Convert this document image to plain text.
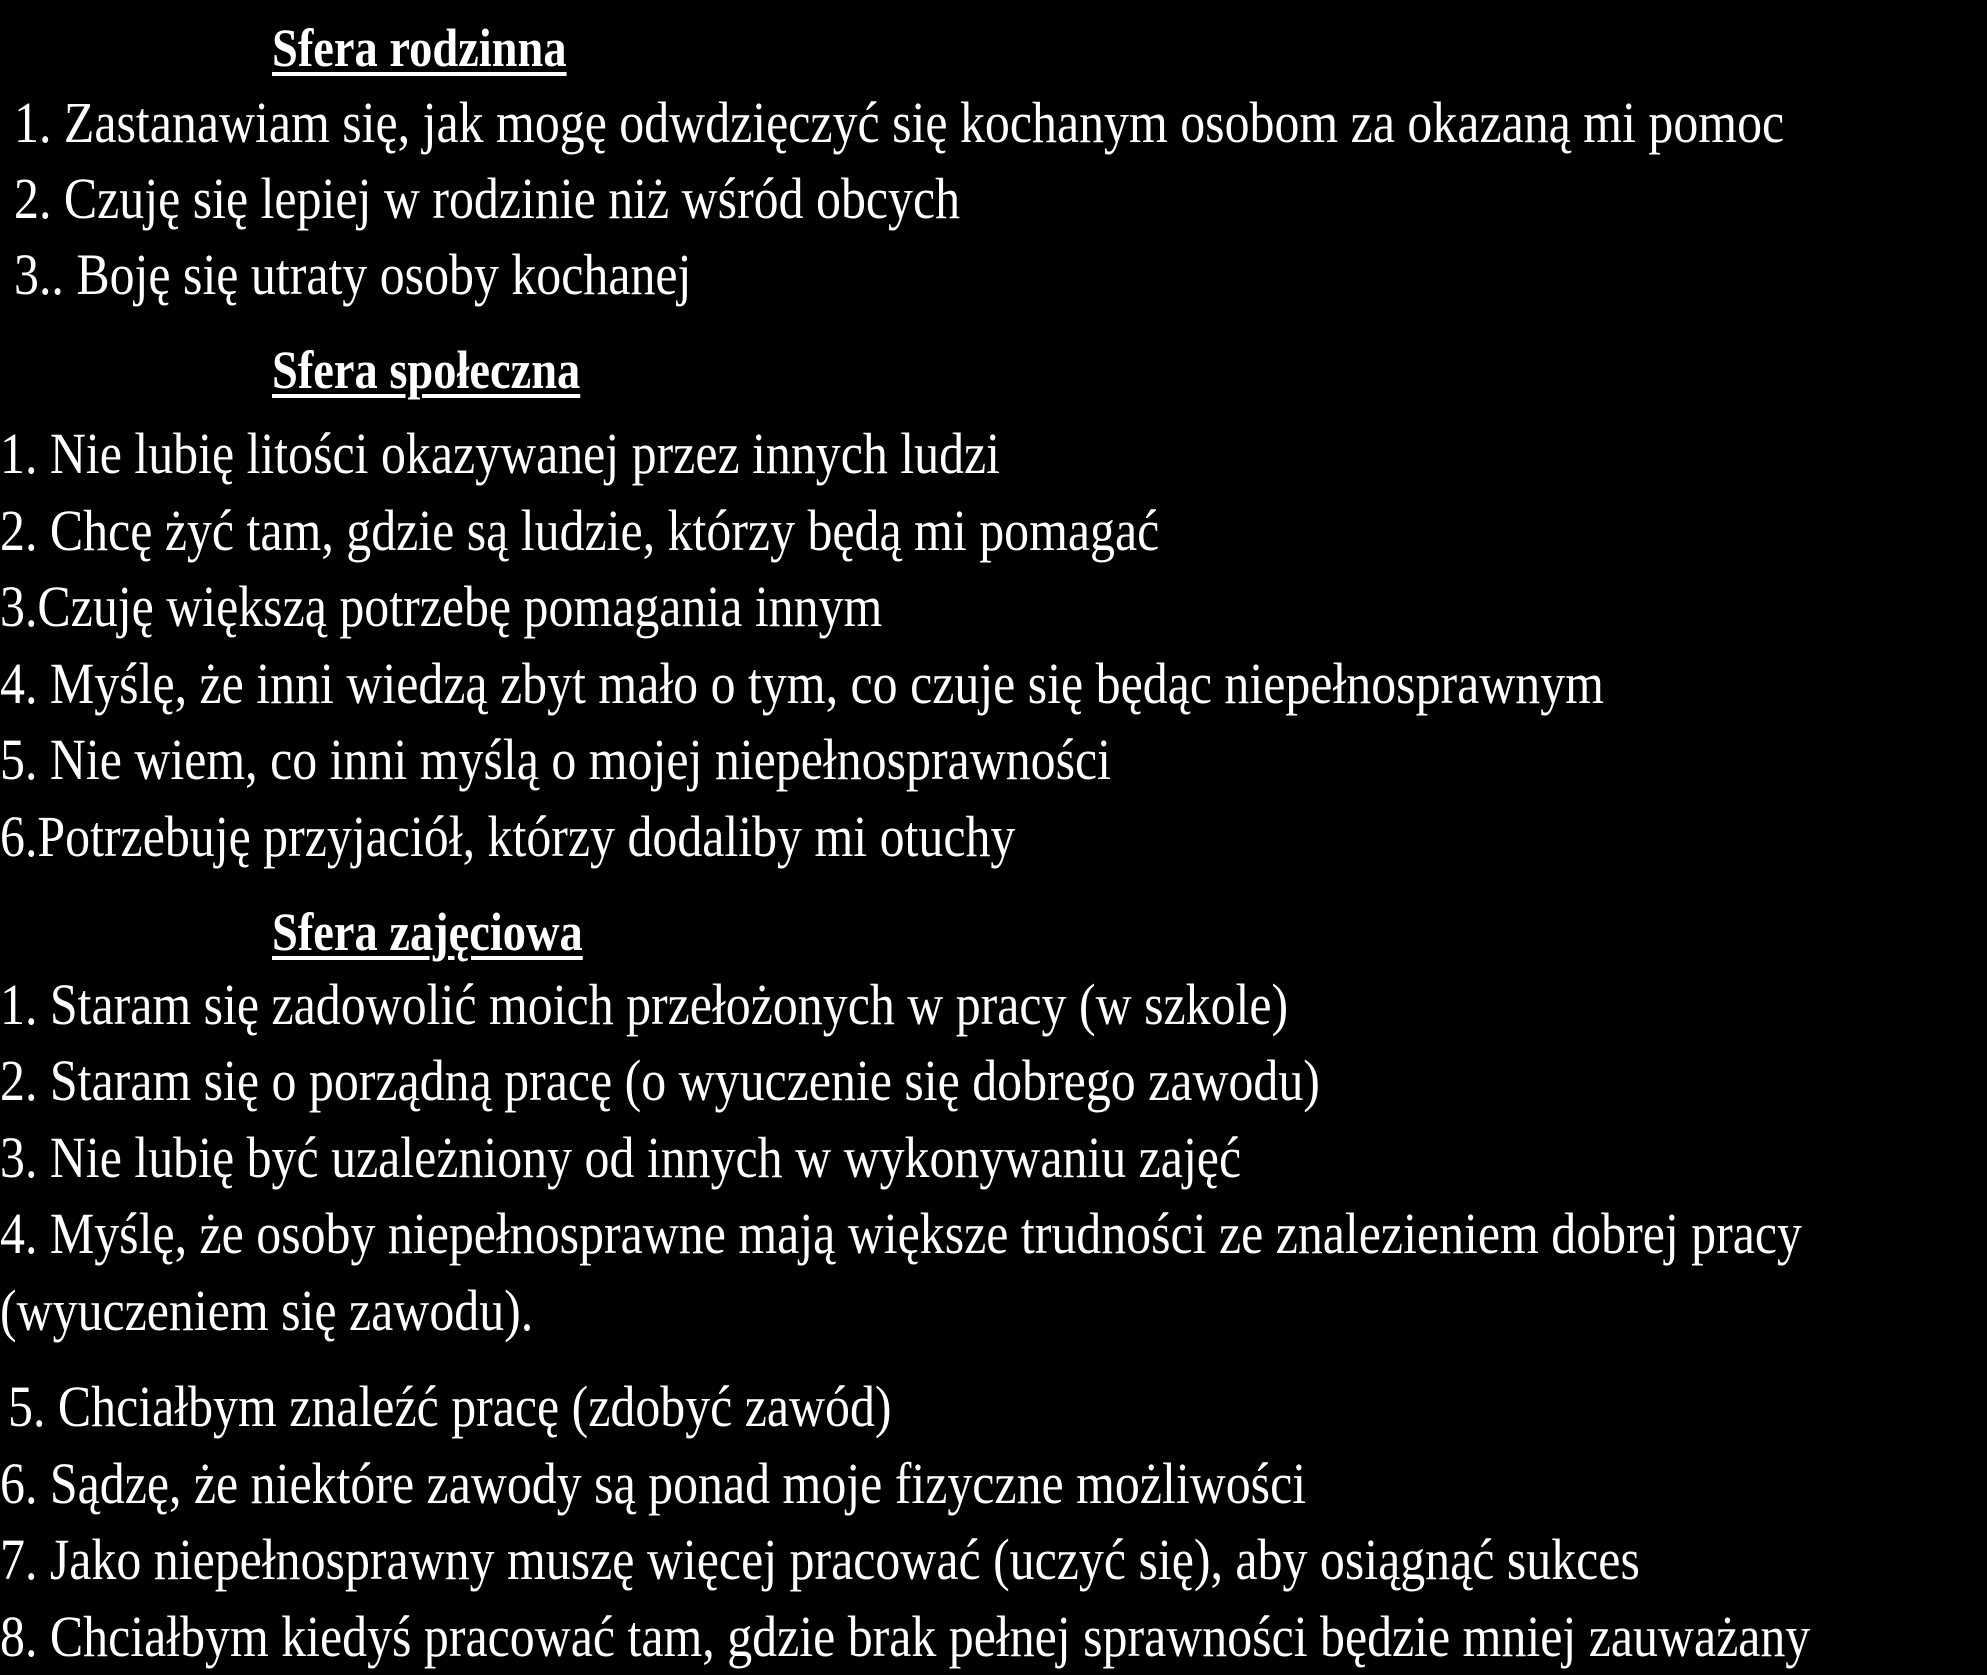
Sfera rodzinna
1. Zastanawiam się, jak mogę odwdzięczyć się kochanym osobom za okazaną mi pomoc
2. Czuję się lepiej w rodzinie niż wśród obcych
3.. Boję się utraty osoby kochanej
Sfera społeczna
1. Nie lubię litości okazywanej przez innych ludzi
2. Chcę żyć tam, gdzie są ludzie, którzy będą mi pomagać
3.Czuję większą potrzebę pomagania innym
4. Myślę, że inni wiedzą zbyt mało o tym, co czuje się będąc niepełnosprawnym
5. Nie wiem, co inni myślą o mojej niepełnosprawności
6.Potrzebuję przyjaciół, którzy dodaliby mi otuchy
Sfera zajęciowa
1. Staram się zadowolić moich przełożonych w pracy (w szkole)
2. Staram się o porządną pracę (o wyuczenie się dobrego zawodu)
3. Nie lubię być uzależniony od innych w wykonywaniu zajęć
4. Myślę, że osoby niepełnosprawne mają większe trudności ze znalezieniem dobrej pracy
(wyuczeniem się zawodu).
5. Chciałbym znaleźć pracę (zdobyć zawód)
6. Sądzę, że niektóre zawody są ponad moje fizyczne możliwości
7. Jako niepełnosprawny muszę więcej pracować (uczyć się), aby osiągnąć sukces
8. Chciałbym kiedyś pracować tam, gdzie brak pełnej sprawności będzie mniej zauważany
